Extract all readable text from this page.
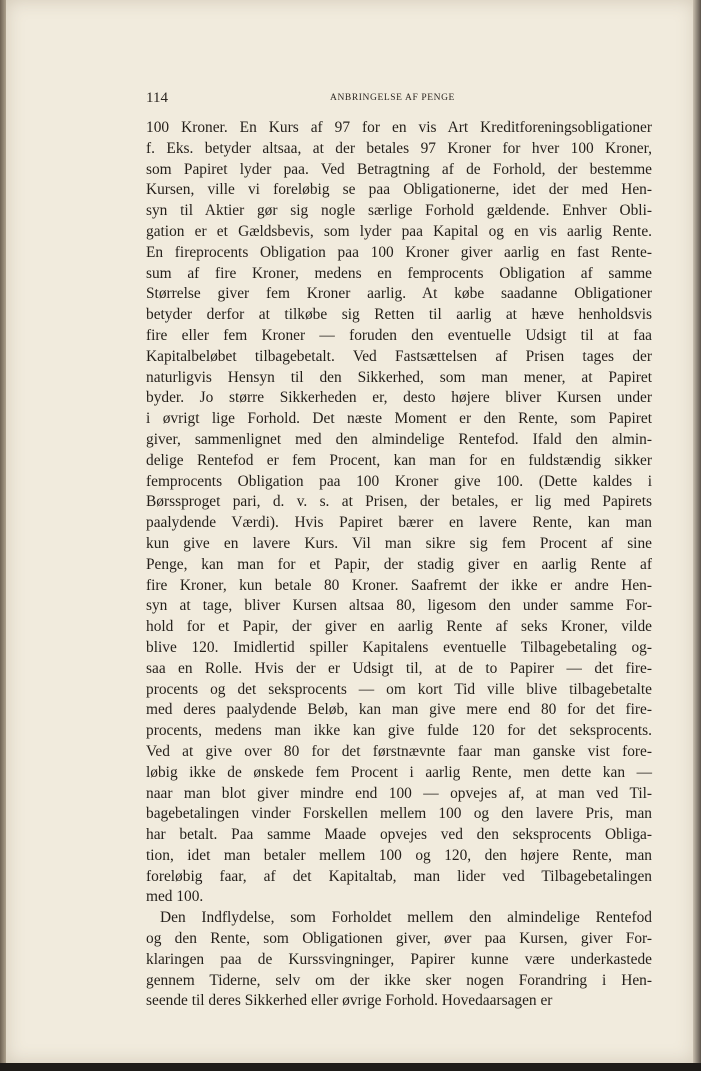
114	ANBRINGELSE AF PENGE
100 Kroner. En Kurs af 97 for en vis Art Kreditforeningsobligationer
f. Eks. betyder altsaa, at der betales 97 Kroner for hver 100 Kroner,
som Papiret lyder paa. Ved Betragtning af de Forhold, der bestemme
Kursen, ville vi foreløbig se paa Obligationerne, idet der med Hen-
syn til Aktier gør sig nogle særlige Forhold gældende. Enhver Obli-
gation er et Gældsbevis, som lyder paa Kapital og en vis aarlig Rente.
En fireprocents Obligation paa 100 Kroner giver aarlig en fast Rente-
sum af fire Kroner, medens en femprocents Obligation af samme
Størrelse giver fem Kroner aarlig. At købe saadanne Obligationer
betyder derfor at tilkøbe sig Retten til aarlig at hæve henholdsvis
fire eller fem Kroner — foruden den eventuelle Udsigt til at faa
Kapitalbeløbet tilbagebetalt. Ved Fastsættelsen af Prisen tages der
naturligvis Hensyn til den Sikkerhed, som man mener, at Papiret
byder. Jo større Sikkerheden er, desto højere bliver Kursen under
i øvrigt lige Forhold. Det næste Moment er den Rente, som Papiret
giver, sammenlignet med den almindelige Rentefod. Ifald den almin-
delige Rentefod er fem Procent, kan man for en fuldstændig sikker
femprocents Obligation paa 100 Kroner give 100. (Dette kaldes i
Børssproget pari, d. v. s. at Prisen, der betales, er lig med Papirets
paalydende Værdi). Hvis Papiret bærer en lavere Rente, kan man
kun give en lavere Kurs. Vil man sikre sig fem Procent af sine
Penge, kan man for et Papir, der stadig giver en aarlig Rente af
fire Kroner, kun betale 80 Kroner. Saafremt der ikke er andre Hen-
syn at tage, bliver Kursen altsaa 80, ligesom den under samme For-
hold for et Papir, der giver en aarlig Rente af seks Kroner, vilde
blive 120. Imidlertid spiller Kapitalens eventuelle Tilbagebetaling og-
saa en Rolle. Hvis der er Udsigt til, at de to Papirer — det fire-
procents og det seksprocents — om kort Tid ville blive tilbagebetalte
med deres paalydende Beløb, kan man give mere end 80 for det fire-
procents, medens man ikke kan give fulde 120 for det seksprocents.
Ved at give over 80 for det førstnævnte faar man ganske vist fore-
løbig ikke de ønskede fem Procent i aarlig Rente, men dette kan —
naar man blot giver mindre end 100 — opvejes af, at man ved Til-
bagebetalingen vinder Forskellen mellem 100 og den lavere Pris, man
har betalt. Paa samme Maade opvejes ved den seksprocents Obliga-
tion, idet man betaler mellem 100 og 120, den højere Rente, man
foreløbig faar, af det Kapitaltab, man lider ved Tilbagebetalingen
med 100.
Den Indflydelse, som Forholdet mellem den almindelige Rentefod
og den Rente, som Obligationen giver, øver paa Kursen, giver For-
klaringen paa de Kurssvingninger, Papirer kunne være underkastede
gennem Tiderne, selv om der ikke sker nogen Forandring i Hen-
seende til deres Sikkerhed eller øvrige Forhold. Hovedaarsagen er
